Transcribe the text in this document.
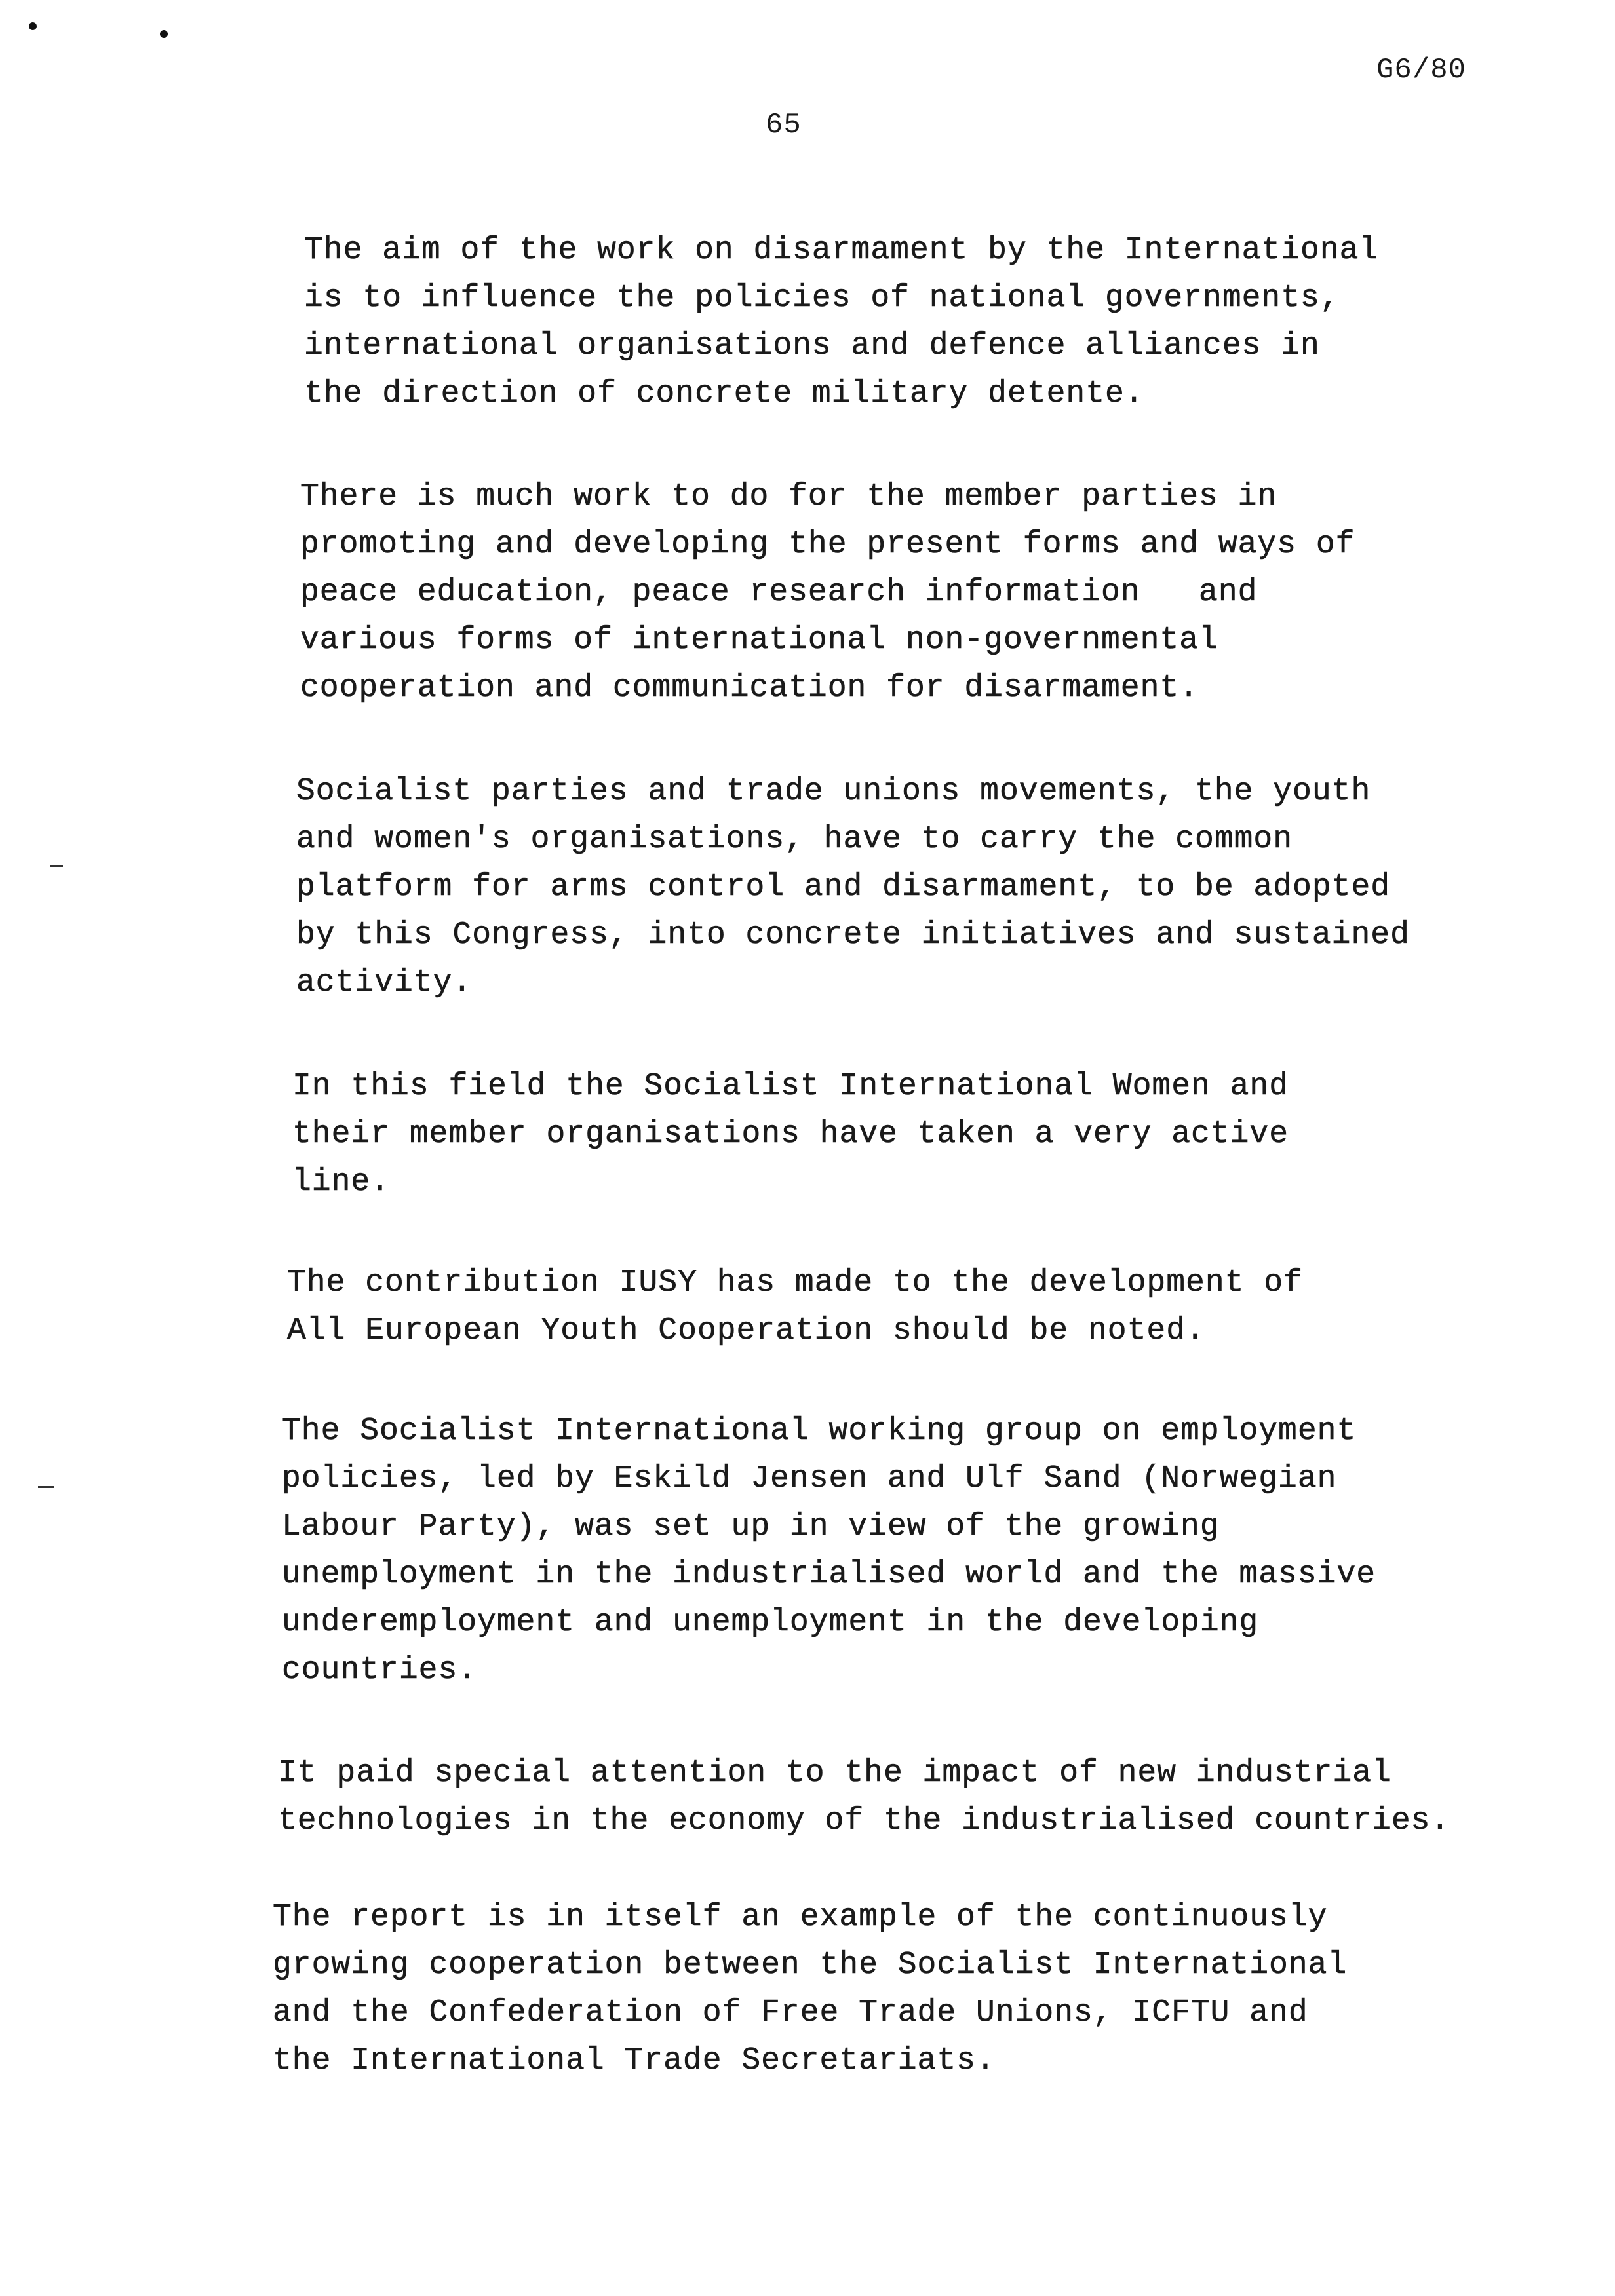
G6/80
65
The aim of the work on disarmament by the International
is to influence the policies of national governments,
international organisations and defence alliances in
the direction of concrete military detente.
There is much work to do for the member parties in
promoting and developing the present forms and ways of
peace education, peace research information   and
various forms of international non-governmental
cooperation and communication for disarmament.
Socialist parties and trade unions movements, the youth
and women's organisations, have to carry the common
platform for arms control and disarmament, to be adopted
by this Congress, into concrete initiatives and sustained
activity.
In this field the Socialist International Women and
their member organisations have taken a very active
line.
The contribution IUSY has made to the development of
All European Youth Cooperation should be noted.
The Socialist International working group on employment
policies, led by Eskild Jensen and Ulf Sand (Norwegian
Labour Party), was set up in view of the growing
unemployment in the industrialised world and the massive
underemployment and unemployment in the developing
countries.
It paid special attention to the impact of new industrial
technologies in the economy of the industrialised countries.
The report is in itself an example of the continuously
growing cooperation between the Socialist International
and the Confederation of Free Trade Unions, ICFTU and
the International Trade Secretariats.
